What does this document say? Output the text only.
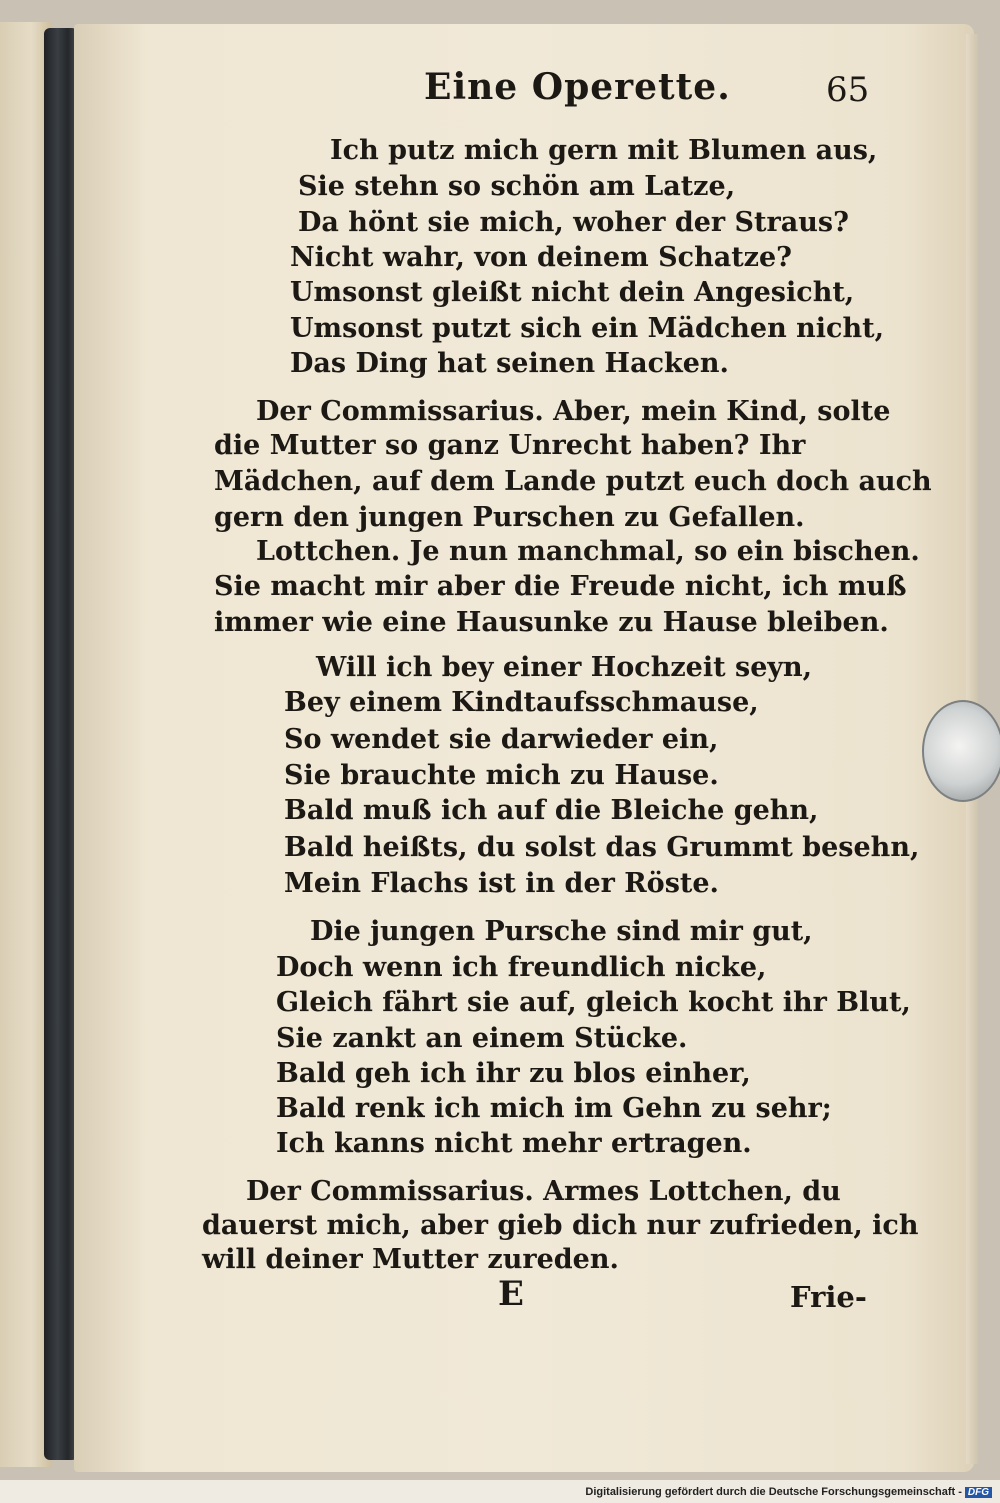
Eine Operette.	65
Ich putz mich gern mit Blumen aus,
Sie stehn so schön am Latze,
Da hönt sie mich, woher der Straus?
Nicht wahr, von deinem Schatze?
Umsonst gleißt nicht dein Angesicht,
Umsonst putzt sich ein Mädchen nicht,
Das Ding hat seinen Hacken.
Der Commissarius. Aber, mein Kind, solte
die Mutter so ganz Unrecht haben? Ihr
Mädchen, auf dem Lande putzt euch doch auch
gern den jungen Purschen zu Gefallen.
Lottchen. Je nun manchmal, so ein bischen.
Sie macht mir aber die Freude nicht, ich muß
immer wie eine Hausunke zu Hause bleiben.
Will ich bey einer Hochzeit seyn,
Bey einem Kindtaufsschmause,
So wendet sie darwieder ein,
Sie brauchte mich zu Hause.
Bald muß ich auf die Bleiche gehn,
Bald heißts, du solst das Grummt besehn,
Mein Flachs ist in der Röste.
Die jungen Pursche sind mir gut,
Doch wenn ich freundlich nicke,
Gleich fährt sie auf, gleich kocht ihr Blut,
Sie zankt an einem Stücke.
Bald geh ich ihr zu blos einher,
Bald renk ich mich im Gehn zu sehr;
Ich kanns nicht mehr ertragen.
Der Commissarius. Armes Lottchen, du
dauerst mich, aber gieb dich nur zufrieden, ich
will deiner Mutter zureden.
E	Frie-
Digitalisierung gefördert durch die Deutsche Forschungsgemeinschaft - DFG
